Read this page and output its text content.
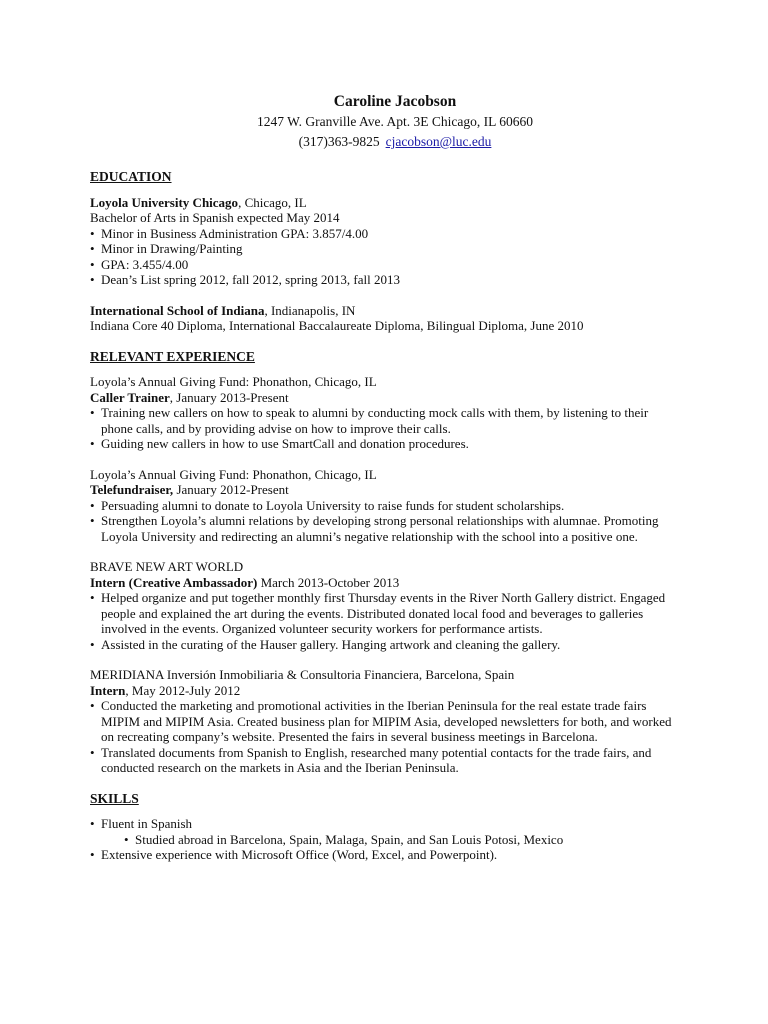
Caroline Jacobson
1247 W. Granville Ave. Apt. 3E Chicago, IL 60660
(317)363-9825 cjacobson@luc.edu
EDUCATION
Loyola University Chicago, Chicago, IL
Bachelor of Arts in Spanish expected May 2014
• Minor in Business Administration GPA: 3.857/4.00
• Minor in Drawing/Painting
• GPA: 3.455/4.00
• Dean’s List spring 2012, fall 2012, spring 2013, fall 2013
International School of Indiana, Indianapolis, IN
Indiana Core 40 Diploma, International Baccalaureate Diploma, Bilingual Diploma, June 2010
RELEVANT EXPERIENCE
Loyola’s Annual Giving Fund: Phonathon, Chicago, IL
Caller Trainer, January 2013-Present
• Training new callers on how to speak to alumni by conducting mock calls with them, by listening to their phone calls, and by providing advise on how to improve their calls.
• Guiding new callers in how to use SmartCall and donation procedures.
Loyola’s Annual Giving Fund: Phonathon, Chicago, IL
Telefundraiser, January 2012-Present
• Persuading alumni to donate to Loyola University to raise funds for student scholarships.
• Strengthen Loyola’s alumni relations by developing strong personal relationships with alumnae. Promoting Loyola University and redirecting an alumni’s negative relationship with the school into a positive one.
BRAVE NEW ART WORLD
Intern (Creative Ambassador) March 2013-October 2013
• Helped organize and put together monthly first Thursday events in the River North Gallery district. Engaged people and explained the art during the events. Distributed donated local food and beverages to galleries involved in the events. Organized volunteer security workers for performance artists.
• Assisted in the curating of the Hauser gallery. Hanging artwork and cleaning the gallery.
MERIDIANA Inversión Inmobiliaria & Consultoria Financiera, Barcelona, Spain
Intern, May 2012-July 2012
• Conducted the marketing and promotional activities in the Iberian Peninsula for the real estate trade fairs MIPIM and MIPIM Asia. Created business plan for MIPIM Asia, developed newsletters for both, and worked on recreating company’s website. Presented the fairs in several business meetings in Barcelona.
• Translated documents from Spanish to English, researched many potential contacts for the trade fairs, and conducted research on the markets in Asia and the Iberian Peninsula.
SKILLS
• Fluent in Spanish
• Studied abroad in Barcelona, Spain, Malaga, Spain, and San Louis Potosi, Mexico
• Extensive experience with Microsoft Office (Word, Excel, and Powerpoint).
